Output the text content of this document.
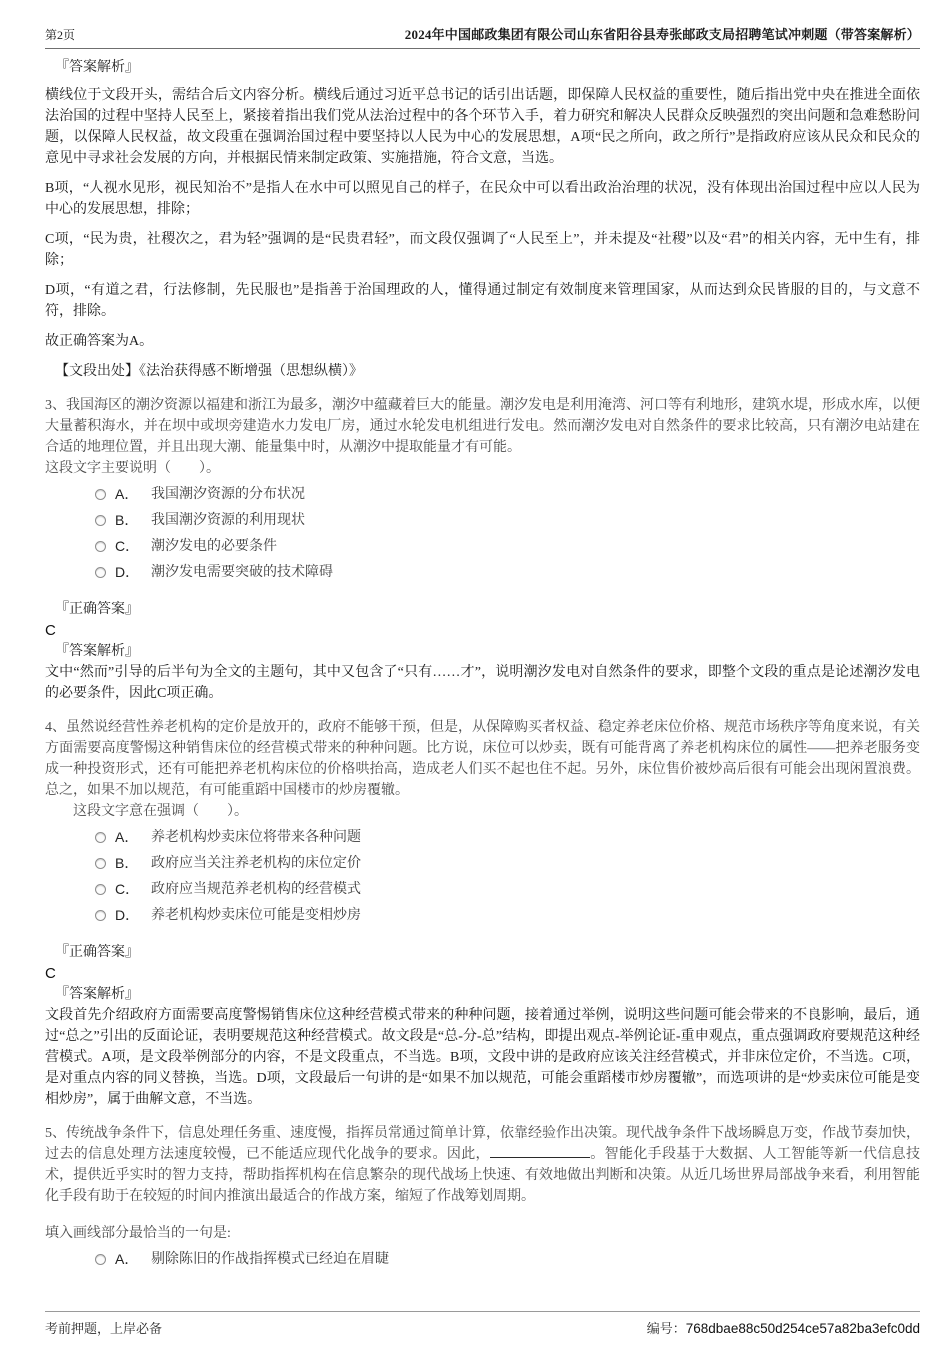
第2页	2024年中国邮政集团有限公司山东省阳谷县寿张邮政支局招聘笔试冲刺题（带答案解析）
『答案解析』

横线位于文段开头，需结合后文内容分析。横线后通过习近平总书记的话引出话题，即保障人民权益的重要性，随后指出党中央在推进全面依法治国的过程中坚持人民至上，紧接着指出我们党从法治过程中的各个环节入手，着力研究和解决人民群众反映强烈的突出问题和急难愁盼问题，以保障人民权益，故文段重在强调治国过程中要坚持以人民为中心的发展思想，A项“民之所向，政之所行”是指政府应该从民众和民众的意见中寻求社会发展的方向，并根据民情来制定政策、实施措施，符合文意，当选。

B项，“人视水见形，视民知治不”是指人在水中可以照见自己的样子，在民众中可以看出政治治理的状况，没有体现出治国过程中应以人民为中心的发展思想，排除；

C项，“民为贵，社稷次之，君为轻”强调的是“民贵君轻”，而文段仅强调了“人民至上”，并未提及“社稷”以及“君”的相关内容，无中生有，排除；

D项，“有道之君，行法修制，先民服也”是指善于治国理政的人，懂得通过制定有效制度来管理国家，从而达到众民皆服的目的，与文意不符，排除。

故正确答案为A。

【文段出处】《法治获得感不断增强（思想纵横）》

3、我国海区的潮汐资源以福建和浙江为最多，潮汐中蕴藏着巨大的能量。潮汐发电是利用淹湾、河口等有利地形，建筑水堤，形成水库，以便大量蓄积海水，并在坝中或坝旁建造水力发电厂房，通过水轮发电机组进行发电。然而潮汐发电对自然条件的要求比较高，只有潮汐电站建在合适的地理位置，并且出现大潮、能量集中时，从潮汐中提取能量才有可能。

这段文字主要说明（　　）。

A． 我国潮汐资源的分布状况
B． 我国潮汐资源的利用现状
C． 潮汐发电的必要条件
D． 潮汐发电需要突破的技术障碍
『正确答案』
C
『答案解析』

文中“然而”引导的后半句为全文的主题句，其中又包含了“只有……才”，说明潮汐发电对自然条件的要求，即整个文段的重点是论述潮汐发电的必要条件，因此C项正确。

4、虽然说经营性养老机构的定价是放开的，政府不能够干预，但是，从保障购买者权益、稳定养老床位价格、规范市场秩序等角度来说，有关方面需要高度警惕这种销售床位的经营模式带来的种种问题。比方说，床位可以炒卖，既有可能背离了养老机构床位的属性——把养老服务变成一种投资形式，还有可能把养老机构床位的价格哄抬高，造成老人们买不起也住不起。另外，床位售价被炒高后很有可能会出现闲置浪费。总之，如果不加以规范，有可能重蹈中国楼市的炒房覆辙。

这段文字意在强调（　　）。

A． 养老机构炒卖床位将带来各种问题
B． 政府应当关注养老机构的床位定价
C． 政府应当规范养老机构的经营模式
D． 养老机构炒卖床位可能是变相炒房
『正确答案』
C
『答案解析』

文段首先介绍政府方面需要高度警惕销售床位这种经营模式带来的种种问题，接着通过举例，说明这些问题可能会带来的不良影响，最后，通过“总之”引出的反面论证，表明要规范这种经营模式。故文段是“总-分-总”结构，即提出观点-举例论证-重申观点，重点强调政府要规范这种经营模式。A项，是文段举例部分的内容，不是文段重点，不当选。B项，文段中讲的是政府应该关注经营模式，并非床位定价，不当选。C项，是对重点内容的同义替换，当选。D项，文段最后一句讲的是“如果不加以规范，可能会重蹈楼市炒房覆辙”，而选项讲的是“炒卖床位可能是变相炒房”，属于曲解文意，不当选。

5、传统战争条件下，信息处理任务重、速度慢，指挥员常通过简单计算，依靠经验作出决策。现代战争条件下战场瞬息万变，作战节奏加快，过去的信息处理方法速度较慢，已不能适应现代化战争的要求。因此，	。智能化手段基于大数据、人工智能等新一代信息技术，提供近乎实时的智力支持，帮助指挥机构在信息繁杂的现代战场上快速、有效地做出判断和决策。从近几场世界局部战争来看，利用智能化手段有助于在较短的时间内推演出最适合的作战方案，缩短了作战筹划周期。

填入画线部分最恰当的一句是:

A． 剔除陈旧的作战指挥模式已经迫在眉睫
考前押题，上岸必备	编号：768dbae88c50d254ce57a82ba3efc0dd
